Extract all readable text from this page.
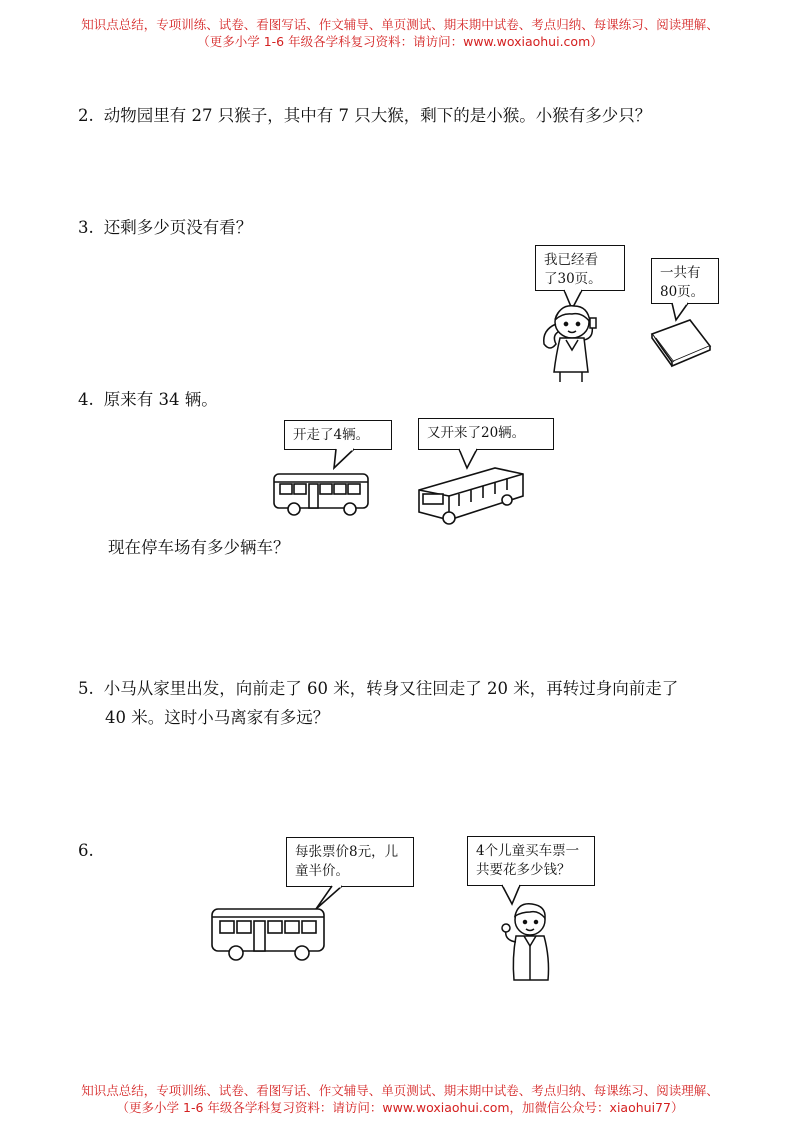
知识点总结，专项训练、试卷、看图写话、作文辅导、单页测试、期末期中试卷、考点归纳、每课练习、阅读理解、
（更多小学 1-6 年级各学科复习资料：请访问：www.woxiaohui.com）
2. 动物园里有 27 只猴子，其中有 7 只大猴，剩下的是小猴。小猴有多少只？
3. 还剩多少页没有看？
我已经看
了30页。	一共有
80页。
4. 原来有 34 辆。
开走了4辆。	又开来了20辆。
现在停车场有多少辆车？
5. 小马从家里出发，向前走了 60 米，转身又往回走了 20 米，再转过身向前走了
40 米。这时小马离家有多远？
6.	每张票价8元，儿
童半价。
4个儿童买车票一
共要花多少钱？
知识点总结，专项训练、试卷、看图写话、作文辅导、单页测试、期末期中试卷、考点归纳、每课练习、阅读理解、
（更多小学 1-6 年级各学科复习资料：请访问：www.woxiaohui.com，加微信公众号：xiaohui77）
